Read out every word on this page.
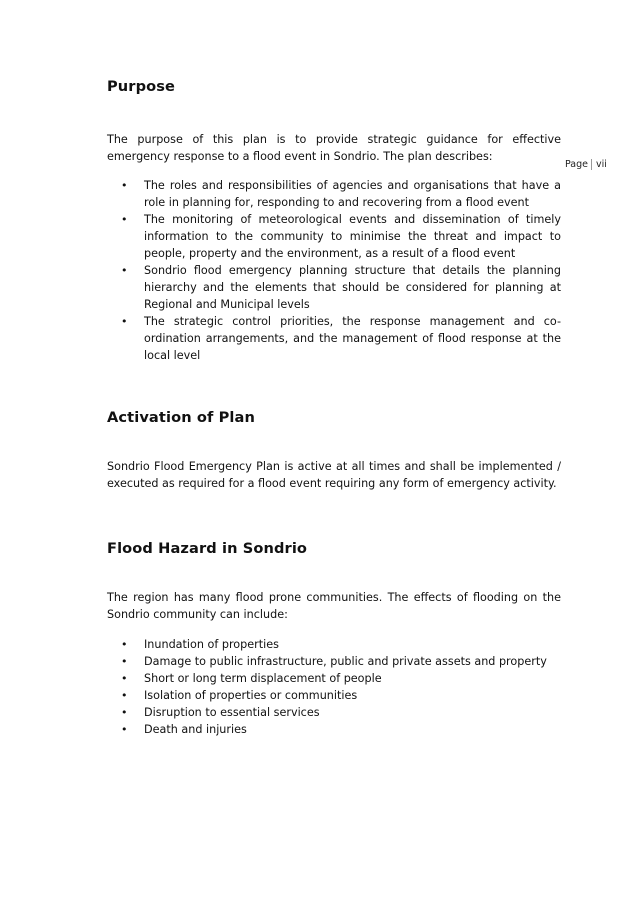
Page vii
Purpose

The purpose of this plan is to provide strategic guidance for effective emergency response to a flood event in Sondrio. The plan describes:

• The roles and responsibilities of agencies and organisations that have a role in planning for, responding to and recovering from a flood event
• The monitoring of meteorological events and dissemination of timely information to the community to minimise the threat and impact to people, property and the environment, as a result of a flood event
• Sondrio flood emergency planning structure that details the planning hierarchy and the elements that should be considered for planning at Regional and Municipal levels
• The strategic control priorities, the response management and co-ordination arrangements, and the management of flood response at the local level
Activation of Plan

Sondrio Flood Emergency Plan is active at all times and shall be implemented / executed as required for a flood event requiring any form of emergency activity.

Flood Hazard in Sondrio

The region has many flood prone communities. The effects of flooding on the Sondrio community can include:

• Inundation of properties
• Damage to public infrastructure, public and private assets and property
• Short or long term displacement of people
• Isolation of properties or communities
• Disruption to essential services
• Death and injuries
